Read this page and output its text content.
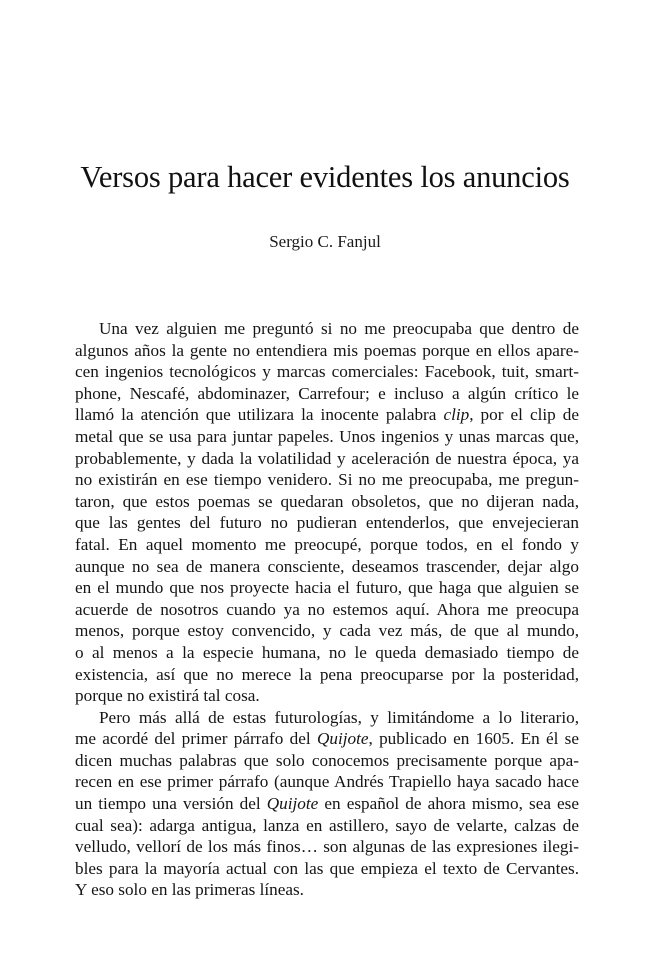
Versos para hacer evidentes los anuncios

Sergio C. Fanjul

Una vez alguien me preguntó si no me preocupaba que dentro de
algunos años la gente no entendiera mis poemas porque en ellos apare-
cen ingenios tecnológicos y marcas comerciales: Facebook, tuit, smart-
phone, Nescafé, abdominazer, Carrefour; e incluso a algún crítico le
llamó la atención que utilizara la inocente palabra clip, por el clip de
metal que se usa para juntar papeles. Unos ingenios y unas marcas que,
probablemente, y dada la volatilidad y aceleración de nuestra época, ya
no existirán en ese tiempo venidero. Si no me preocupaba, me pregun-
taron, que estos poemas se quedaran obsoletos, que no dijeran nada,
que las gentes del futuro no pudieran entenderlos, que envejecieran
fatal. En aquel momento me preocupé, porque todos, en el fondo y
aunque no sea de manera consciente, deseamos trascender, dejar algo
en el mundo que nos proyecte hacia el futuro, que haga que alguien se
acuerde de nosotros cuando ya no estemos aquí. Ahora me preocupa
menos, porque estoy convencido, y cada vez más, de que al mundo,
o al menos a la especie humana, no le queda demasiado tiempo de
existencia, así que no merece la pena preocuparse por la posteridad,
porque no existirá tal cosa.
Pero más allá de estas futurologías, y limitándome a lo literario,
me acordé del primer párrafo del Quijote, publicado en 1605. En él se
dicen muchas palabras que solo conocemos precisamente porque apa-
recen en ese primer párrafo (aunque Andrés Trapiello haya sacado hace
un tiempo una versión del Quijote en español de ahora mismo, sea ese
cual sea): adarga antigua, lanza en astillero, sayo de velarte, calzas de
velludo, vellorí de los más finos… son algunas de las expresiones ilegi-
bles para la mayoría actual con las que empieza el texto de Cervantes.
Y eso solo en las primeras líneas.
